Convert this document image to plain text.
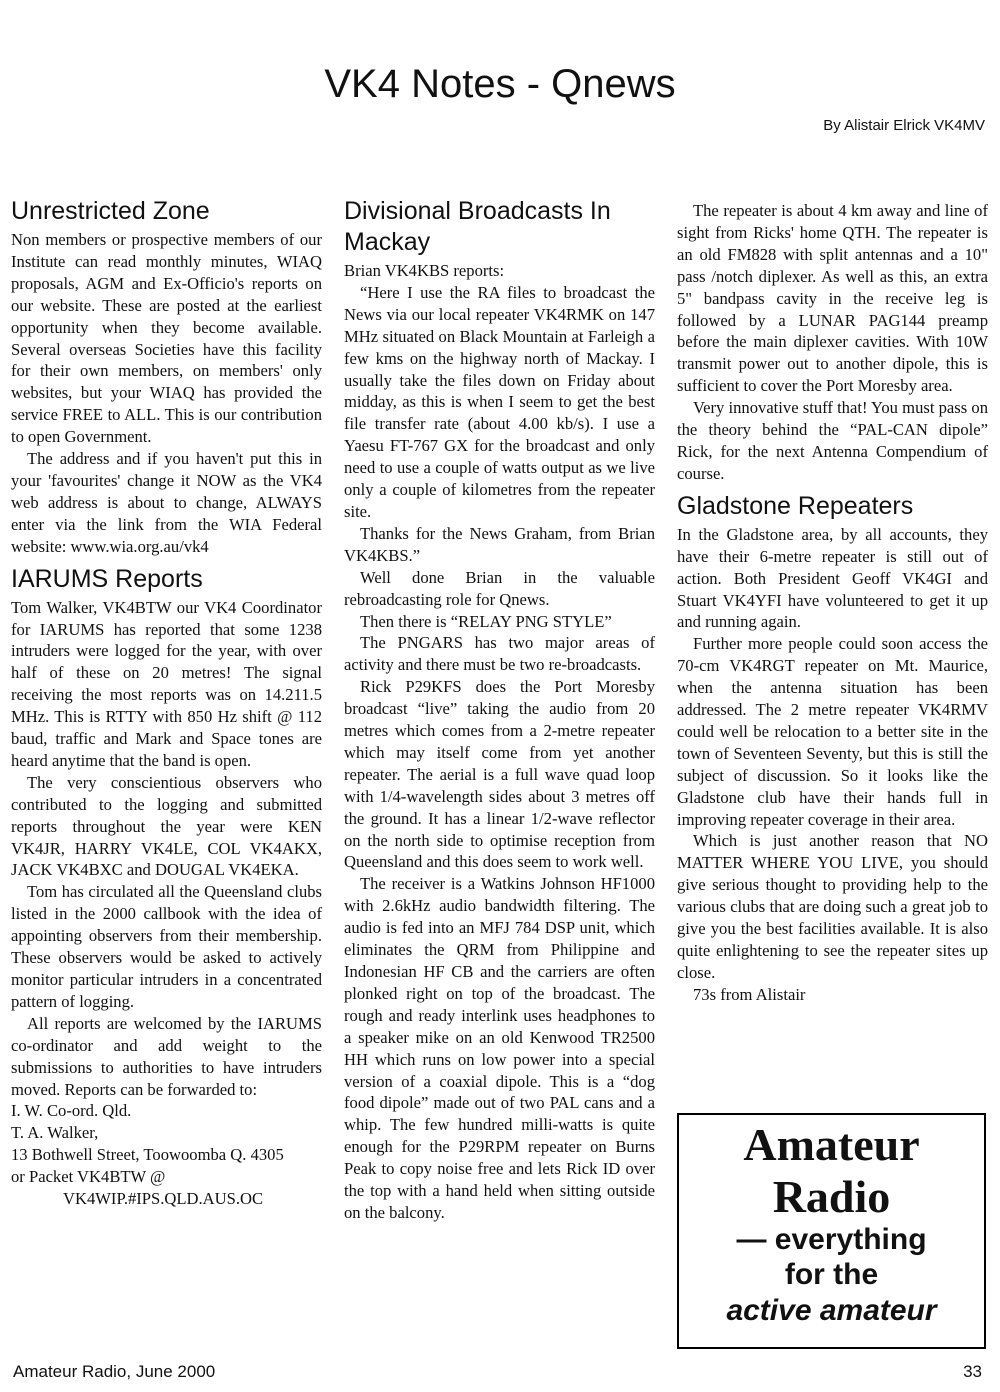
VK4 Notes - Qnews

By Alistair Elrick VK4MV

Unrestricted Zone

Non members or prospective members of our Institute can read monthly minutes, WIAQ proposals, AGM and Ex-Officio's reports on our website. These are posted at the earliest opportunity when they become available. Several overseas Societies have this facility for their own members, on members' only websites, but your WIAQ has provided the service FREE to ALL. This is our contribution to open Government.

The address and if you haven't put this in your 'favourites' change it NOW as the VK4 web address is about to change, ALWAYS enter via the link from the WIA Federal website: www.wia.org.au/vk4

IARUMS Reports

Tom Walker, VK4BTW our VK4 Coordinator for IARUMS has reported that some 1238 intruders were logged for the year, with over half of these on 20 metres! The signal receiving the most reports was on 14.211.5 MHz. This is RTTY with 850 Hz shift @ 112 baud, traffic and Mark and Space tones are heard anytime that the band is open.

The very conscientious observers who contributed to the logging and submitted reports throughout the year were KEN VK4JR, HARRY VK4LE, COL VK4AKX, JACK VK4BXC and DOUGAL VK4EKA.

Tom has circulated all the Queensland clubs listed in the 2000 callbook with the idea of appointing observers from their membership. These observers would be asked to actively monitor particular intruders in a concentrated pattern of logging.

All reports are welcomed by the IARUMS co-ordinator and add weight to the submissions to authorities to have intruders moved. Reports can be forwarded to:

I. W. Co-ord. Qld.

T. A. Walker,

13 Bothwell Street, Toowoomba Q. 4305

or Packet VK4BTW @

VK4WIP.#IPS.QLD.AUS.OC

Divisional Broadcasts In Mackay

Brian VK4KBS reports:

“Here I use the RA files to broadcast the News via our local repeater VK4RMK on 147 MHz situated on Black Mountain at Farleigh a few kms on the highway north of Mackay. I usually take the files down on Friday about midday, as this is when I seem to get the best file transfer rate (about 4.00 kb/s). I use a Yaesu FT-767 GX for the broadcast and only need to use a couple of watts output as we live only a couple of kilometres from the repeater site.

Thanks for the News Graham, from Brian VK4KBS.”

Well done Brian in the valuable rebroadcasting role for Qnews.

Then there is “RELAY PNG STYLE”

The PNGARS has two major areas of activity and there must be two re-broadcasts.

Rick P29KFS does the Port Moresby broadcast “live” taking the audio from 20 metres which comes from a 2-metre repeater which may itself come from yet another repeater. The aerial is a full wave quad loop with 1/4-wavelength sides about 3 metres off the ground. It has a linear 1/2-wave reflector on the north side to optimise reception from Queensland and this does seem to work well.

The receiver is a Watkins Johnson HF1000 with 2.6kHz audio bandwidth filtering. The audio is fed into an MFJ 784 DSP unit, which eliminates the QRM from Philippine and Indonesian HF CB and the carriers are often plonked right on top of the broadcast. The rough and ready interlink uses headphones to a speaker mike on an old Kenwood TR2500 HH which runs on low power into a special version of a coaxial dipole. This is a “dog food dipole” made out of two PAL cans and a whip. The few hundred milli-watts is quite enough for the P29RPM repeater on Burns Peak to copy noise free and lets Rick ID over the top with a hand held when sitting outside on the balcony.

The repeater is about 4 km away and line of sight from Ricks' home QTH. The repeater is an old FM828 with split antennas and a 10" pass /notch diplexer. As well as this, an extra 5" bandpass cavity in the receive leg is followed by a LUNAR PAG144 preamp before the main diplexer cavities. With 10W transmit power out to another dipole, this is sufficient to cover the Port Moresby area.

Very innovative stuff that! You must pass on the theory behind the “PAL-CAN dipole” Rick, for the next Antenna Compendium of course.

Gladstone Repeaters

In the Gladstone area, by all accounts, they have their 6-metre repeater is still out of action. Both President Geoff VK4GI and Stuart VK4YFI have volunteered to get it up and running again.

Further more people could soon access the 70-cm VK4RGT repeater on Mt. Maurice, when the antenna situation has been addressed. The 2 metre repeater VK4RMV could well be relocation to a better site in the town of Seventeen Seventy, but this is still the subject of discussion. So it looks like the Gladstone club have their hands full in improving repeater coverage in their area.

Which is just another reason that NO MATTER WHERE YOU LIVE, you should give serious thought to providing help to the various clubs that are doing such a great job to give you the best facilities available. It is also quite enlightening to see the repeater sites up close.

73s from Alistair

Amateur
Radio
— everything
for the
active amateur
Amateur Radio, June 2000	33
